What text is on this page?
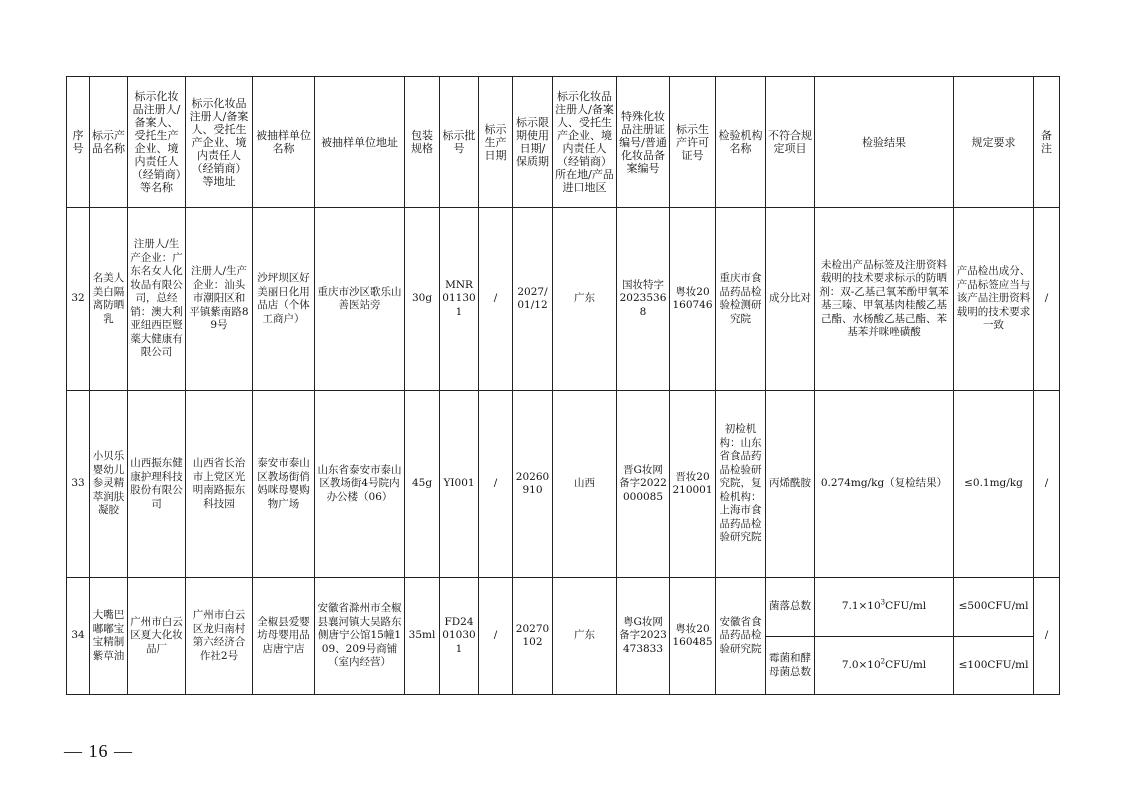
序号	标示产品名称	标示化妆品注册人/备案人、受托生产企业、境内责任人（经销商）等名称	标示化妆品注册人/备案人、受托生产企业、境内责任人（经销商）等地址	被抽样单位名称	被抽样单位地址	包装规格	标示批号	标示生产日期	标示限期使用日期/保质期	标示化妆品注册人/备案人、受托生产企业、境内责任人（经销商）所在地/产品进口地区	特殊化妆品注册证编号/普通化妆品备案编号	标示生产许可证号	检验机构名称	不符合规定项目	检验结果	规定要求	备注
32	名美人美白隔离防晒乳	注册人/生产企业：广东名女人化妆品有限公司，总经销：澳大利亚纽西臣豎薬大健康有限公司	注册人/生产企业：汕头市潮阳区和平镇紫南路89号	沙坪坝区好美丽日化用品店（个体工商户）	重庆市沙区歌乐山善医站旁	30g	MNR011301	/	2027/01/12	广东	国妆特字20235368	粤妆20160746	重庆市食品药品检验检测研究院	成分比对	未检出产品标签及注册资料载明的技术要求标示的防晒剂：双-乙基己氧苯酚甲氧苯基三嗪、甲氧基肉桂酸乙基己酯、水杨酸乙基己酯、苯基苯并咪唑磺酸	产品检出成分、产品标签应当与该产品注册资料载明的技术要求一致	/
33	小贝乐婴幼儿参灵精萃润肤凝胶	山西振东健康护理科技股份有限公司	山西省长治市上党区光明南路振东科技园	泰安市泰山区教场街俏妈咪母婴购物广场	山东省泰安市泰山区教场街4号院内办公楼（06）	45g	YI001	/	20260910	山西	晋G妆网备字2022000085	晋妆20210001	初检机构：山东省食品药品检验研究院，复检机构：上海市食品药品检验研究院	丙烯酰胺	0.274mg/kg（复检结果）	≤0.1mg/kg	/
34	大嘴巴嘟嘟宝宝精制紫草油	广州市白云区夏大化妆品厂	广州市白云区龙归南村第六经济合作社2号	全椒县爱婴坊母婴用品店唐宁店	安徽省滁州市全椒县襄河镇大吴路东侧唐宁公馆15幢109、209号商铺（室内经营）	35ml	FD24010301	/	20270102	广东	粤G妆网备字2023473833	粤妆20160485	安徽省食品药品检验研究院	菌落总数	$7.1\times 10^3CFU/ml$	≤500CFU/ml	/
														霉菌和酵母菌总数	$7.0\times 10^2CFU/ml$	≤100CFU/ml	
— 16 —
